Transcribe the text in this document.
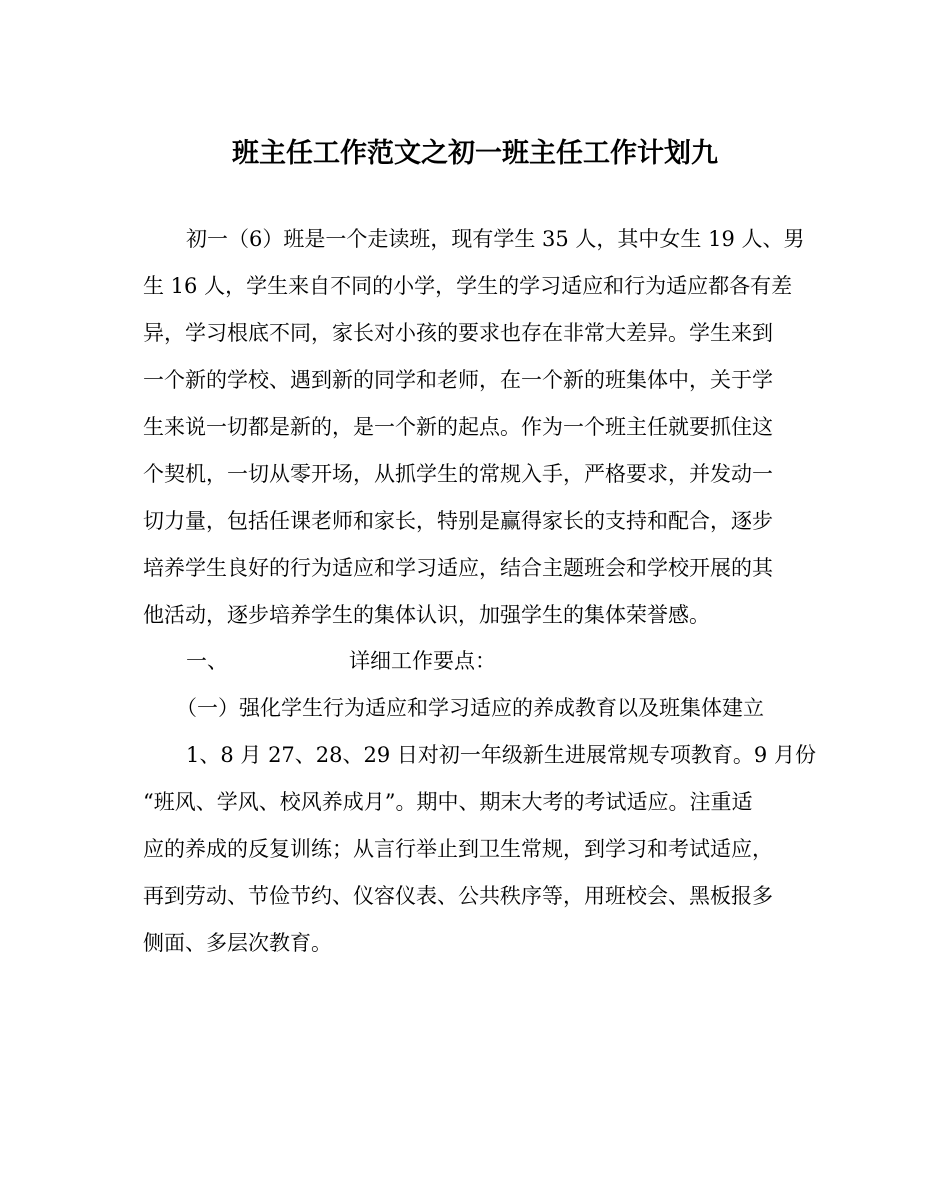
班主任工作范文之初一班主任工作计划九

初一（6）班是一个走读班，现有学生 35 人，其中女生 19 人、男

生 16 人，学生来自不同的小学，学生的学习适应和行为适应都各有差

异，学习根底不同，家长对小孩的要求也存在非常大差异。学生来到

一个新的学校、遇到新的同学和老师，在一个新的班集体中，关于学

生来说一切都是新的，是一个新的起点。作为一个班主任就要抓住这

个契机，一切从零开场，从抓学生的常规入手，严格要求，并发动一

切力量，包括任课老师和家长，特别是赢得家长的支持和配合，逐步

培养学生良好的行为适应和学习适应，结合主题班会和学校开展的其

他活动，逐步培养学生的集体认识，加强学生的集体荣誉感。

一、	详细工作要点：

（一）强化学生行为适应和学习适应的养成教育以及班集体建立

1、8 月 27、28、29 日对初一年级新生进展常规专项教育。9 月份

“班风、学风、校风养成月”。期中、期末大考的考试适应。注重适

应的养成的反复训练；从言行举止到卫生常规，到学习和考试适应，

再到劳动、节俭节约、仪容仪表、公共秩序等，用班校会、黑板报多

侧面、多层次教育。
